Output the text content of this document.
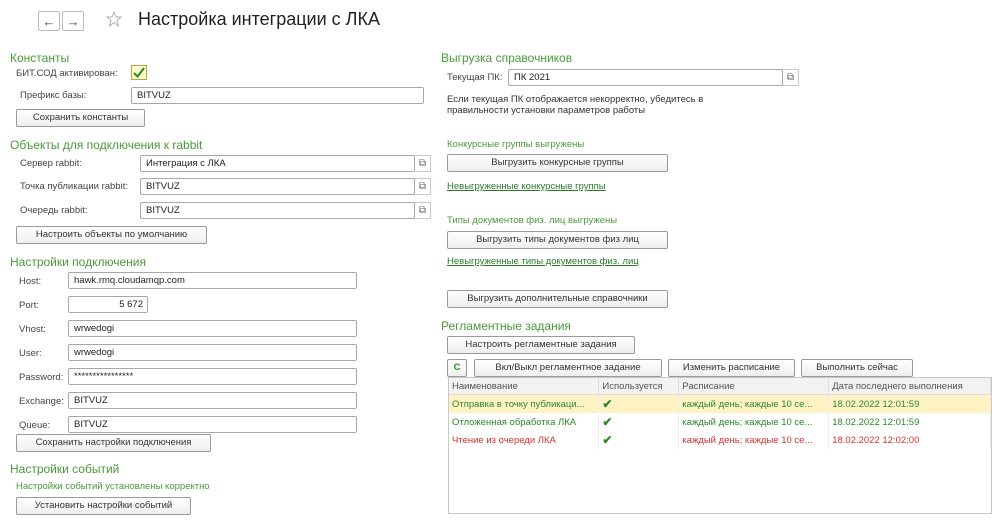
← →	Настройка интеграции с ЛКА
Константы
БИТ.СОД активирован:
Префикс базы:	BITVUZ
Сохранить константы
Объекты для подключения к rabbit
Сервер rabbit:	Интеграция с ЛКА	⧉
Точка публикации rabbit:	BITVUZ	⧉
Очередь rabbit:	BITVUZ	⧉
Настроить объекты по умолчанию
Настройки подключения
Host:	hawk.rmq.cloudamqp.com
Port:	5 672
Vhost:	wrwedogi
User:	wrwedogi
Password:	****************
Exchange:	BITVUZ
Queue:	BITVUZ
Сохранить настройки подключения
Настройки событий
Настройки событий установлены корректно
Установить настройки событий
Выгрузка справочников
Текущая ПК:	ПК 2021	⧉
Если текущая ПК отображается некорректно, убедитесь в правильности установки параметров работы
Конкурсные группы выгружены
Выгрузить конкурсные группы
Невыгруженные конкурсные группы
Типы документов физ. лиц выгружены
Выгрузить типы документов физ лиц
Невыгруженные типы документов физ. лиц
Выгрузить дополнительные справочники
Регламентные задания
Настроить регламентные задания
C	Вкл/Выкл регламентное задание	Изменить расписание	Выполнить сейчас
Наименование	Используется	Расписание	Дата последнего выполнения
Отправка в точку публикаци...	✔	каждый день; каждые 10 се...	18.02.2022 12:01:59
Отложенная обработка ЛКА	✔	каждый день; каждые 10 се...	18.02.2022 12:01:59
Чтение из очереди ЛКА	✔	каждый день; каждые 10 се...	18.02.2022 12:02:00
